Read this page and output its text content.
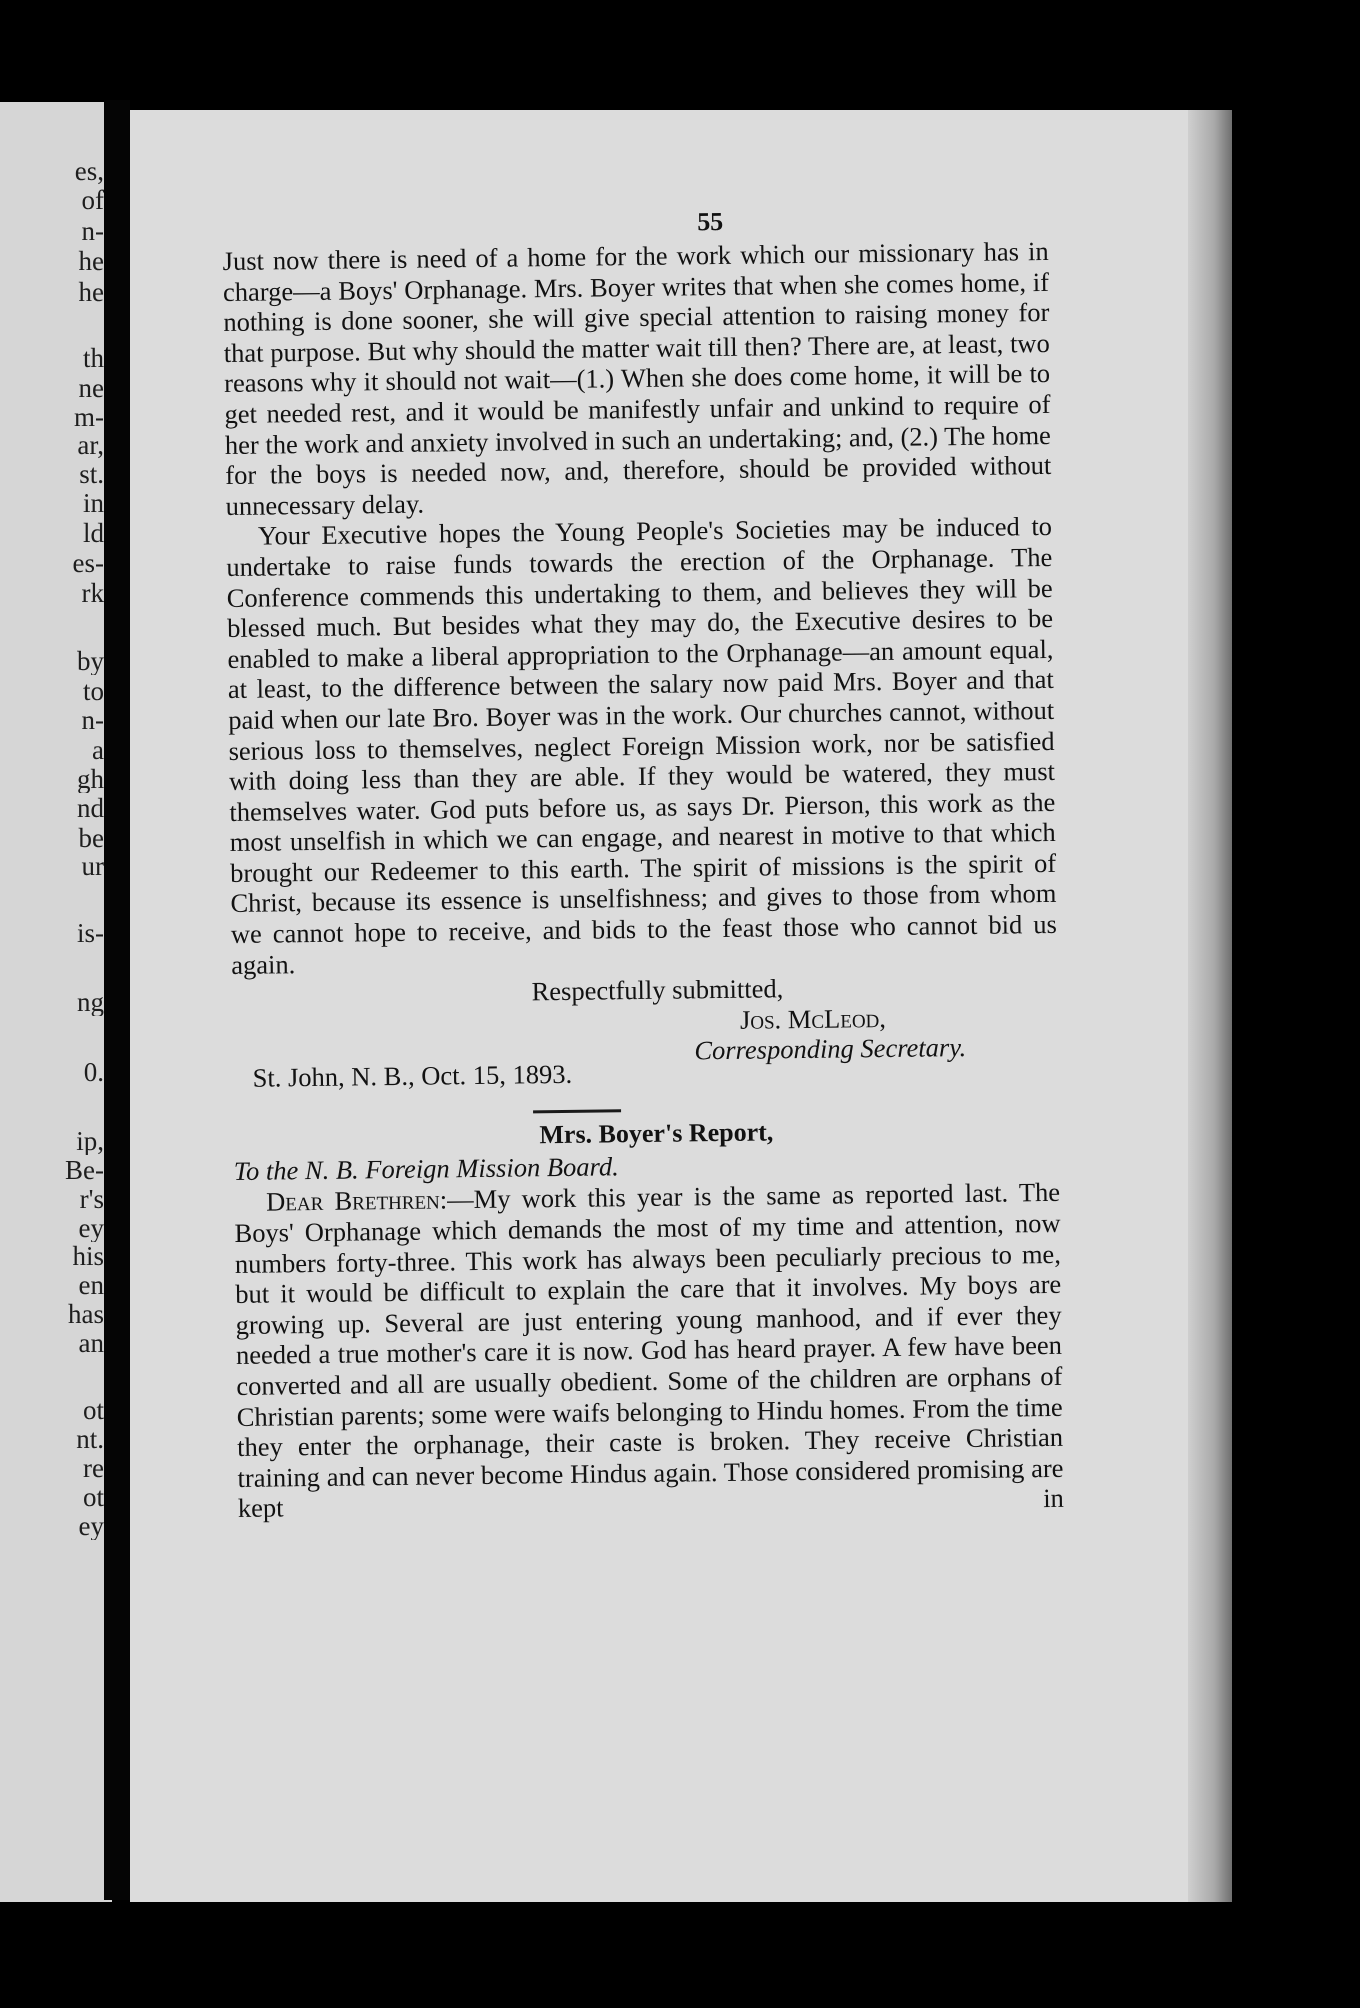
es,
of
n-
he
he
th
ne
m-
ar,
st.
in
ld
es-
rk
by
to
n-
a
gh
nd
be
ur
is-
ng
0.
ip,
Be-
r's
ey
his
en
has
an
ot
nt.
re
ot
ey
55

Just now there is need of a home for the work which our missionary has in charge—a Boys' Orphanage. Mrs. Boyer writes that when she comes home, if nothing is done sooner, she will give special attention to raising money for that purpose. But why should the matter wait till then? There are, at least, two reasons why it should not wait—(1.) When she does come home, it will be to get needed rest, and it would be manifestly unfair and unkind to require of her the work and anxiety involved in such an undertaking; and, (2.) The home for the boys is needed now, and, therefore, should be provided without unnecessary delay.

Your Executive hopes the Young People's Societies may be induced to undertake to raise funds towards the erection of the Orphanage. The Conference commends this undertaking to them, and believes they will be blessed much. But besides what they may do, the Executive desires to be enabled to make a liberal appropriation to the Orphanage—an amount equal, at least, to the difference between the salary now paid Mrs. Boyer and that paid when our late Bro. Boyer was in the work. Our churches cannot, without serious loss to themselves, neglect Foreign Mission work, nor be satisfied with doing less than they are able. If they would be watered, they must themselves water. God puts before us, as says Dr. Pierson, this work as the most unselfish in which we can engage, and nearest in motive to that which brought our Redeemer to this earth. The spirit of missions is the spirit of Christ, because its essence is unselfishness; and gives to those from whom we cannot hope to receive, and bids to the feast those who cannot bid us again.

Respectfully submitted,
Jos. McLeod,
Corresponding Secretary.
St. John, N. B., Oct. 15, 1893.
Mrs. Boyer's Report,
To the N. B. Foreign Mission Board.

Dear Brethren:—My work this year is the same as reported last. The Boys' Orphanage which demands the most of my time and attention, now numbers forty-three. This work has always been peculiarly precious to me, but it would be difficult to explain the care that it involves. My boys are growing up. Several are just entering young manhood, and if ever they needed a true mother's care it is now. God has heard prayer. A few have been converted and all are usually obedient. Some of the children are orphans of Christian parents; some were waifs belonging to Hindu homes. From the time they enter the orphanage, their caste is broken. They receive Christian training and can never become Hindus again. Those considered promising are kept in
